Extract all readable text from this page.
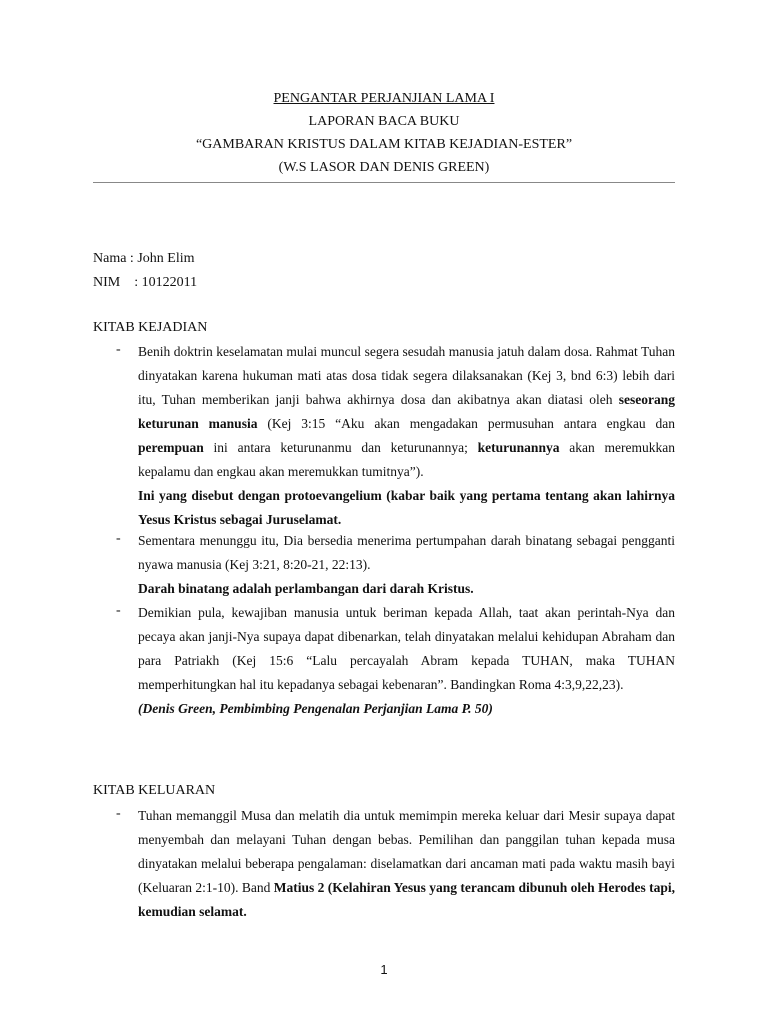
PENGANTAR PERJANJIAN LAMA I
LAPORAN BACA BUKU
“GAMBARAN KRISTUS DALAM KITAB KEJADIAN-ESTER”
(W.S LASOR DAN DENIS GREEN)
Nama : John Elim
NIM    : 10122011
KITAB KEJADIAN
- Benih doktrin keselamatan mulai muncul segera sesudah manusia jatuh dalam dosa. Rahmat Tuhan dinyatakan karena hukuman mati atas dosa tidak segera dilaksanakan (Kej 3, bnd 6:3) lebih dari itu, Tuhan memberikan janji bahwa akhirnya dosa dan akibatnya akan diatasi oleh seseorang keturunan manusia (Kej 3:15 “Aku akan mengadakan permusuhan antara engkau dan perempuan ini antara keturunanmu dan keturunannya; keturunannya akan meremukkan kepalamu dan engkau akan meremukkan tumitnya”).

Ini yang disebut dengan protoevangelium (kabar baik yang pertama tentang akan lahirnya Yesus Kristus sebagai Juruselamat.

- Sementara menunggu itu, Dia bersedia menerima pertumpahan darah binatang sebagai pengganti nyawa manusia (Kej 3:21, 8:20-21, 22:13).

Darah binatang adalah perlambangan dari darah Kristus.

- Demikian pula, kewajiban manusia untuk beriman kepada Allah, taat akan perintah-Nya dan pecaya akan janji-Nya supaya dapat dibenarkan, telah dinyatakan melalui kehidupan Abraham dan para Patriakh (Kej 15:6 “Lalu percayalah Abram kepada TUHAN, maka TUHAN memperhitungkan hal itu kepadanya sebagai kebenaran”. Bandingkan Roma 4:3,9,22,23).

(Denis Green, Pembimbing Pengenalan Perjanjian Lama P. 50)

KITAB KELUARAN
- Tuhan memanggil Musa dan melatih dia untuk memimpin mereka keluar dari Mesir supaya dapat menyembah dan melayani Tuhan dengan bebas. Pemilihan dan panggilan tuhan kepada musa dinyatakan melalui beberapa pengalaman: diselamatkan dari ancaman mati pada waktu masih bayi (Keluaran 2:1-10). Band Matius 2 (Kelahiran Yesus yang terancam dibunuh oleh Herodes tapi, kemudian selamat.

1
